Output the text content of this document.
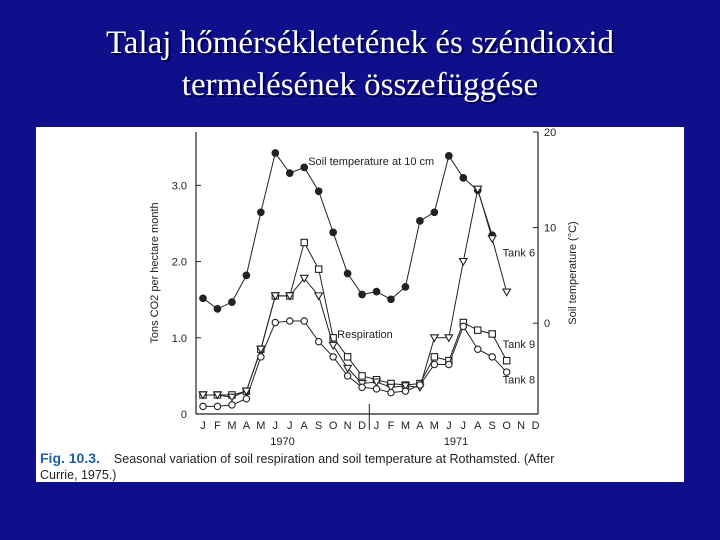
Talaj hőmérsékletetének és széndioxid
termelésének összefüggése
0
1.0
2.0
3.0
0
10
20
J F M A M J J A S O N D J F M A M J J A S O N D
1970	1971
Tons CO2 per hectare month	Soil temperature (°C)
Soil temperature at 10 cm
Respiration
Tank 6
Tank 9
Tank 8
Fig. 10.3. Seasonal variation of soil respiration and soil temperature at Rothamsted. (After
Currie, 1975.)
